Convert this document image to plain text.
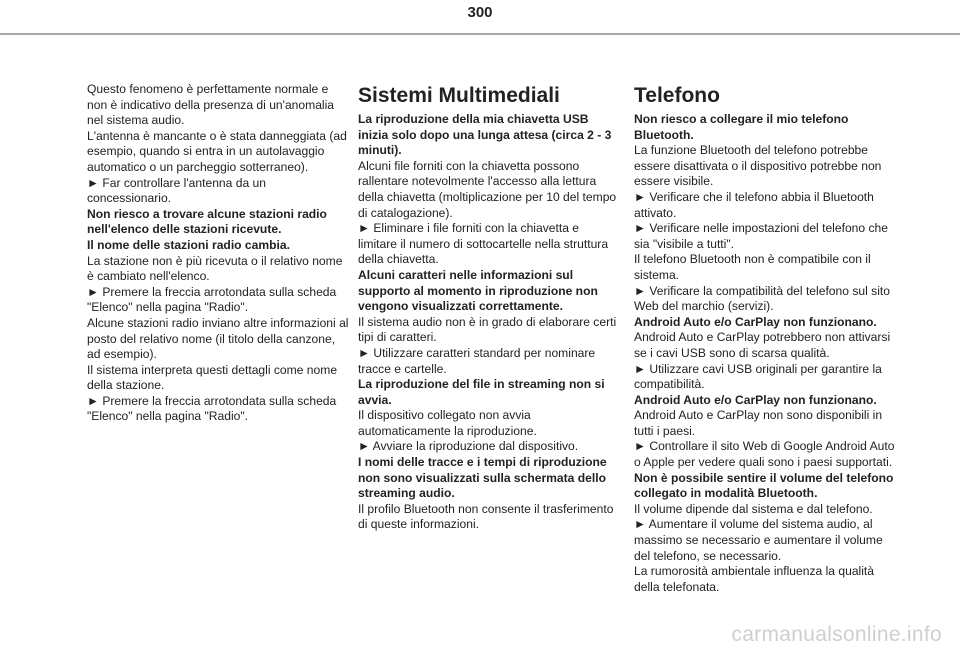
300

Questo fenomeno è perfettamente normale e non è indicativo della presenza di un'anomalia nel sistema audio.

L'antenna è mancante o è stata danneggiata (ad esempio, quando si entra in un autolavaggio automatico o un parcheggio sotterraneo).

► Far controllare l'antenna da un concessionario.

Non riesco a trovare alcune stazioni radio nell'elenco delle stazioni ricevute.

Il nome delle stazioni radio cambia.

La stazione non è più ricevuta o il relativo nome è cambiato nell'elenco.

► Premere la freccia arrotondata sulla scheda "Elenco" nella pagina "Radio".

Alcune stazioni radio inviano altre informazioni al posto del relativo nome (il titolo della canzone, ad esempio).

Il sistema interpreta questi dettagli come nome della stazione.

► Premere la freccia arrotondata sulla scheda "Elenco" nella pagina "Radio".

Sistemi Multimediali

La riproduzione della mia chiavetta USB inizia solo dopo una lunga attesa (circa 2 - 3 minuti).

Alcuni file forniti con la chiavetta possono rallentare notevolmente l'accesso alla lettura della chiavetta (moltiplicazione per 10 del tempo di catalogazione).

► Eliminare i file forniti con la chiavetta e limitare il numero di sottocartelle nella struttura della chiavetta.

Alcuni caratteri nelle informazioni sul supporto al momento in riproduzione non vengono visualizzati correttamente.

Il sistema audio non è in grado di elaborare certi tipi di caratteri.

► Utilizzare caratteri standard per nominare tracce e cartelle.

La riproduzione del file in streaming non si avvia.

Il dispositivo collegato non avvia automaticamente la riproduzione.

► Avviare la riproduzione dal dispositivo.

I nomi delle tracce e i tempi di riproduzione non sono visualizzati sulla schermata dello streaming audio.

Il profilo Bluetooth non consente il trasferimento di queste informazioni.

Telefono

Non riesco a collegare il mio telefono Bluetooth.

La funzione Bluetooth del telefono potrebbe essere disattivata o il dispositivo potrebbe non essere visibile.

► Verificare che il telefono abbia il Bluetooth attivato.

► Verificare nelle impostazioni del telefono che sia "visibile a tutti".

Il telefono Bluetooth non è compatibile con il sistema.

► Verificare la compatibilità del telefono sul sito Web del marchio (servizi).

Android Auto e/o CarPlay non funzionano.

Android Auto e CarPlay potrebbero non attivarsi se i cavi USB sono di scarsa qualità.

► Utilizzare cavi USB originali per garantire la compatibilità.

Android Auto e/o CarPlay non funzionano.

Android Auto e CarPlay non sono disponibili in tutti i paesi.

► Controllare il sito Web di Google Android Auto o Apple per vedere quali sono i paesi supportati.

Non è possibile sentire il volume del telefono collegato in modalità Bluetooth.

Il volume dipende dal sistema e dal telefono.

► Aumentare il volume del sistema audio, al massimo se necessario e aumentare il volume del telefono, se necessario.

La rumorosità ambientale influenza la qualità della telefonata.

carmanualsonline.info
